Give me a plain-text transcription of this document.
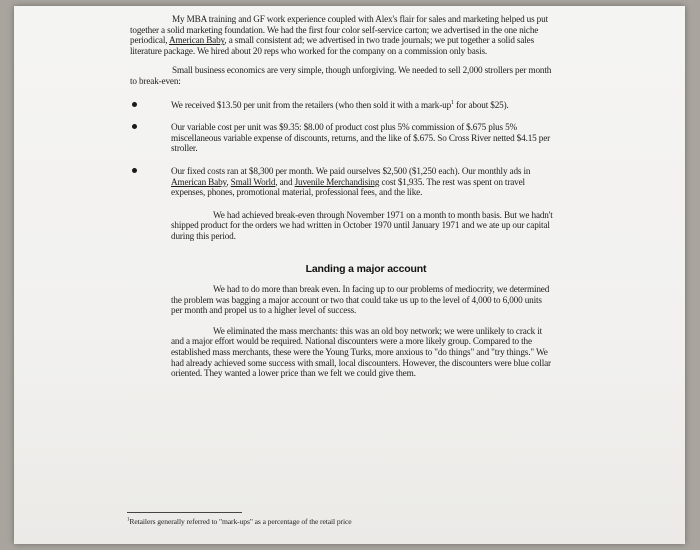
My MBA training and GF work experience coupled with Alex's flair for sales and marketing helped us put together a solid marketing foundation. We had the first four color self-service carton; we advertised in the one niche periodical, American Baby, a small consistent ad; we advertised in two trade journals; we put together a solid sales literature package. We hired about 20 reps who worked for the company on a commission only basis.

Small business economics are very simple, though unforgiving. We needed to sell 2,000 strollers per month to break-even:

We received $13.50 per unit from the retailers (who then sold it with a mark-$up^1$ for about $25).
Our variable cost per unit was $9.35: $8.00 of product cost plus 5% commission of $.675 plus 5% miscellaneous variable expense of discounts, returns, and the like of $.675. So Cross River netted $4.15 per stroller.
Our fixed costs ran at $8,300 per month. We paid ourselves $2,500 ($1,250 each). Our monthly ads in American Baby, Small World, and Juvenile Merchandising cost $1,935. The rest was spent on travel expenses, phones, promotional material, professional fees, and the like.

We had achieved break-even through November 1971 on a month to month basis. But we hadn't shipped product for the orders we had written in October 1970 until January 1971 and we ate up our capital during this period.

Landing a major account

We had to do more than break even. In facing up to our problems of mediocrity, we determined the problem was bagging a major account or two that could take us up to the level of 4,000 to 6,000 units per month and propel us to a higher level of success.

We eliminated the mass merchants: this was an old boy network; we were unlikely to crack it and a major effort would be required. National discounters were a more likely group. Compared to the established mass merchants, these were the Young Turks, more anxious to "do things" and "try things." We had already achieved some success with small, local discounters. However, the discounters were blue collar oriented. They wanted a lower price than we felt we could give them.

$^1$Retailers generally referred to "mark-ups" as a percentage of the retail price
